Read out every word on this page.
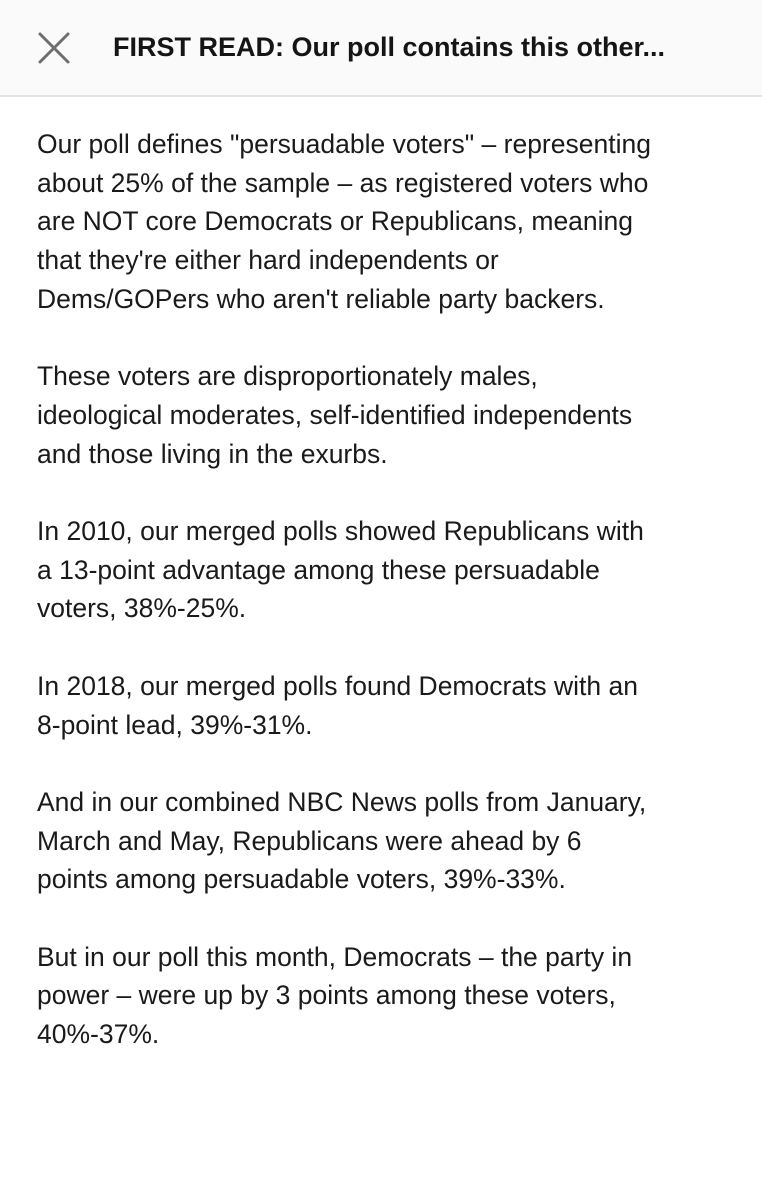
FIRST READ: Our poll contains this other...

Our poll defines "persuadable voters" – representing
about 25% of the sample – as registered voters who
are NOT core Democrats or Republicans, meaning
that they're either hard independents or
Dems/GOPers who aren't reliable party backers.

These voters are disproportionately males,
ideological moderates, self-identified independents
and those living in the exurbs.

In 2010, our merged polls showed Republicans with
a 13-point advantage among these persuadable
voters, 38%-25%.

In 2018, our merged polls found Democrats with an
8-point lead, 39%-31%.

And in our combined NBC News polls from January,
March and May, Republicans were ahead by 6
points among persuadable voters, 39%-33%.

But in our poll this month, Democrats – the party in
power – were up by 3 points among these voters,
40%-37%.
